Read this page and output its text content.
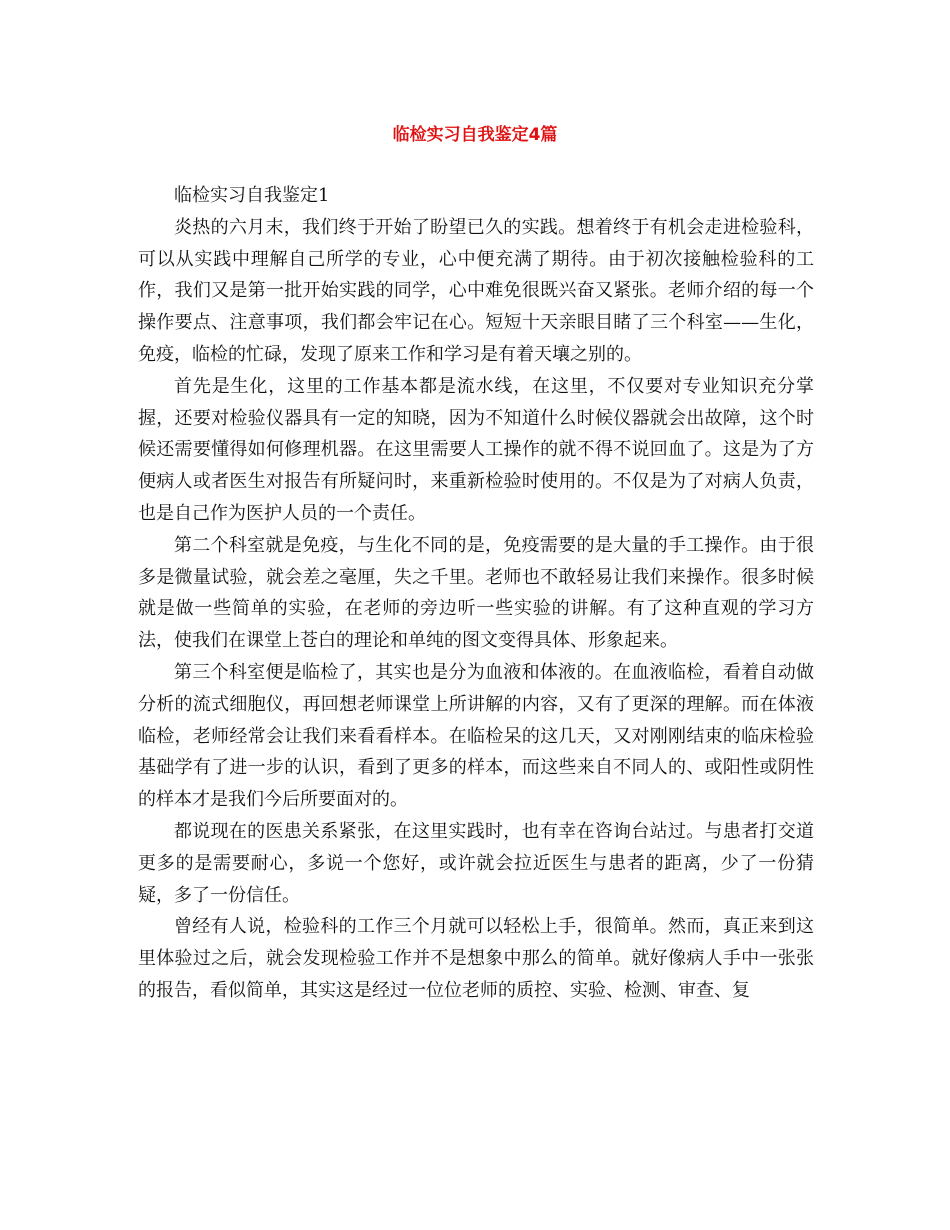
临检实习自我鉴定4篇

临检实习自我鉴定1

炎热的六月末，我们终于开始了盼望已久的实践。想着终于有机会走进检验科，可以从实践中理解自己所学的专业，心中便充满了期待。由于初次接触检验科的工作，我们又是第一批开始实践的同学，心中难免很既兴奋又紧张。老师介绍的每一个操作要点、注意事项，我们都会牢记在心。短短十天亲眼目睹了三个科室——生化，免疫，临检的忙碌，发现了原来工作和学习是有着天壤之别的。

首先是生化，这里的工作基本都是流水线，在这里，不仅要对专业知识充分掌握，还要对检验仪器具有一定的知晓，因为不知道什么时候仪器就会出故障，这个时候还需要懂得如何修理机器。在这里需要人工操作的就不得不说回血了。这是为了方便病人或者医生对报告有所疑问时，来重新检验时使用的。不仅是为了对病人负责，也是自己作为医护人员的一个责任。

第二个科室就是免疫，与生化不同的是，免疫需要的是大量的手工操作。由于很多是微量试验，就会差之毫厘，失之千里。老师也不敢轻易让我们来操作。很多时候就是做一些简单的实验，在老师的旁边听一些实验的讲解。有了这种直观的学习方法，使我们在课堂上苍白的理论和单纯的图文变得具体、形象起来。

第三个科室便是临检了，其实也是分为血液和体液的。在血液临检，看着自动做分析的流式细胞仪，再回想老师课堂上所讲解的内容，又有了更深的理解。而在体液临检，老师经常会让我们来看看样本。在临检呆的这几天，又对刚刚结束的临床检验基础学有了进一步的认识，看到了更多的样本，而这些来自不同人的、或阳性或阴性的样本才是我们今后所要面对的。

都说现在的医患关系紧张，在这里实践时，也有幸在咨询台站过。与患者打交道更多的是需要耐心，多说一个您好，或许就会拉近医生与患者的距离，少了一份猜疑，多了一份信任。

曾经有人说，检验科的工作三个月就可以轻松上手，很简单。然而，真正来到这里体验过之后，就会发现检验工作并不是想象中那么的简单。就好像病人手中一张张的报告，看似简单，其实这是经过一位位老师的质控、实验、检测、审查、复
